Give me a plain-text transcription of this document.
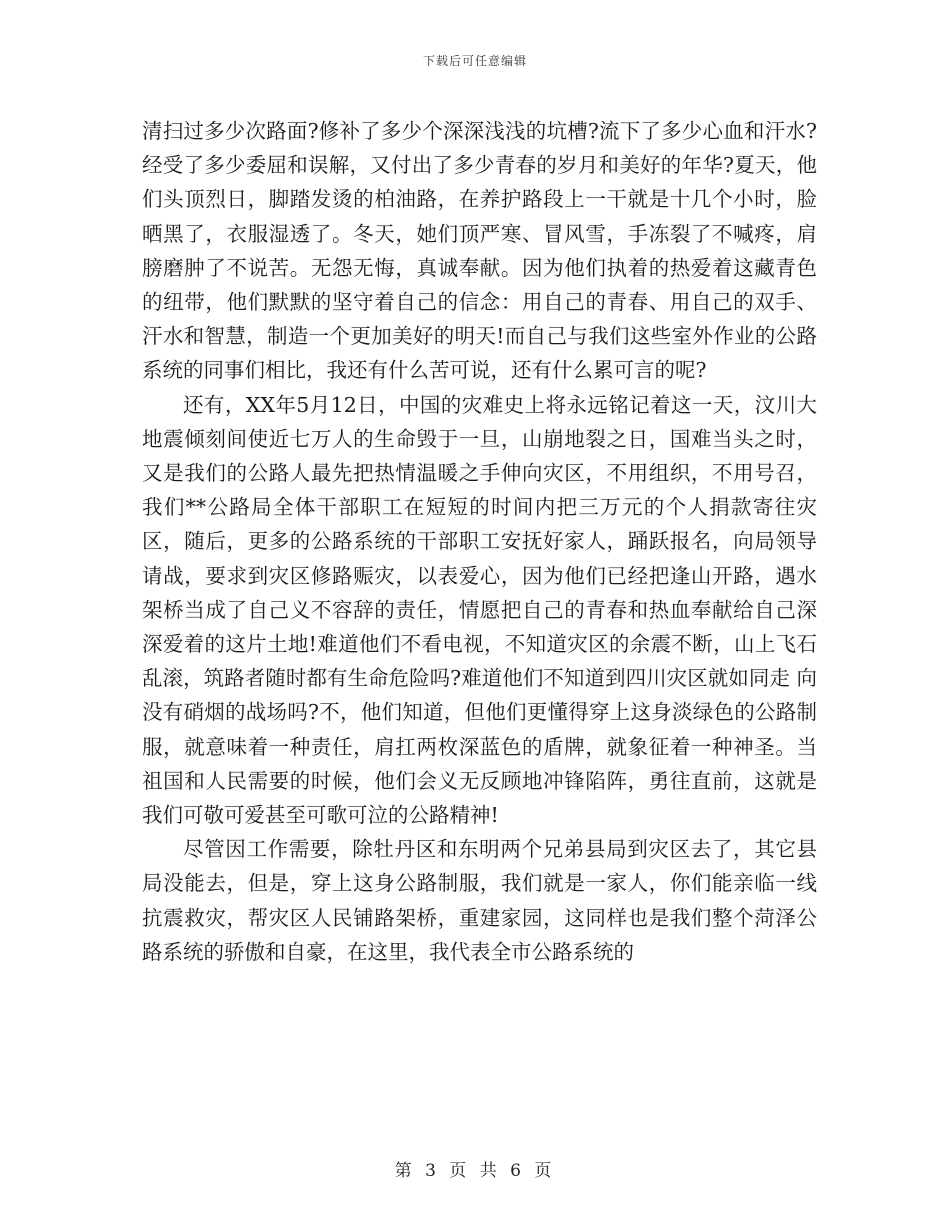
下载后可任意编辑

清扫过多少次路面?修补了多少个深深浅浅的坑槽?流下了多少心血和汗水?经受了多少委屈和误解，又付出了多少青春的岁月和美好的年华?夏天，他们头顶烈日，脚踏发烫的柏油路，在养护路段上一干就是十几个小时，脸晒黑了，衣服湿透了。冬天，她们顶严寒、冒风雪，手冻裂了不喊疼，肩膀磨肿了不说苦。无怨无悔，真诚奉献。因为他们执着的热爱着这藏青色的纽带，他们默默的坚守着自己的信念：用自己的青春、用自己的双手、汗水和智慧，制造一个更加美好的明天!而自己与我们这些室外作业的公路系统的同事们相比，我还有什么苦可说，还有什么累可言的呢?

还有，XX年5月12日，中国的灾难史上将永远铭记着这一天，汶川大地震倾刻间使近七万人的生命毁于一旦，山崩地裂之日，国难当头之时，又是我们的公路人最先把热情温暖之手伸向灾区，不用组织，不用号召，我们**公路局全体干部职工在短短的时间内把三万元的个人捐款寄往灾区，随后，更多的公路系统的干部职工安抚好家人，踊跃报名，向局领导请战，要求到灾区修路赈灾，以表爱心，因为他们已经把逢山开路，遇水架桥当成了自己义不容辞的责任，情愿把自己的青春和热血奉献给自己深深爱着的这片土地!难道他们不看电视，不知道灾区的余震不断，山上飞石乱滚，筑路者随时都有生命危险吗?难道他们不知道到四川灾区就如同走 向没有硝烟的战场吗?不，他们知道，但他们更懂得穿上这身淡绿色的公路制服，就意味着一种责任，肩扛两枚深蓝色的盾牌，就象征着一种神圣。当祖国和人民需要的时候，他们会义无反顾地冲锋陷阵，勇往直前，这就是我们可敬可爱甚至可歌可泣的公路精神!

尽管因工作需要，除牡丹区和东明两个兄弟县局到灾区去了，其它县局没能去，但是，穿上这身公路制服，我们就是一家人，你们能亲临一线抗震救灾，帮灾区人民铺路架桥，重建家园，这同样也是我们整个菏泽公路系统的骄傲和自豪，在这里，我代表全市公路系统的

第 3 页 共 6 页
